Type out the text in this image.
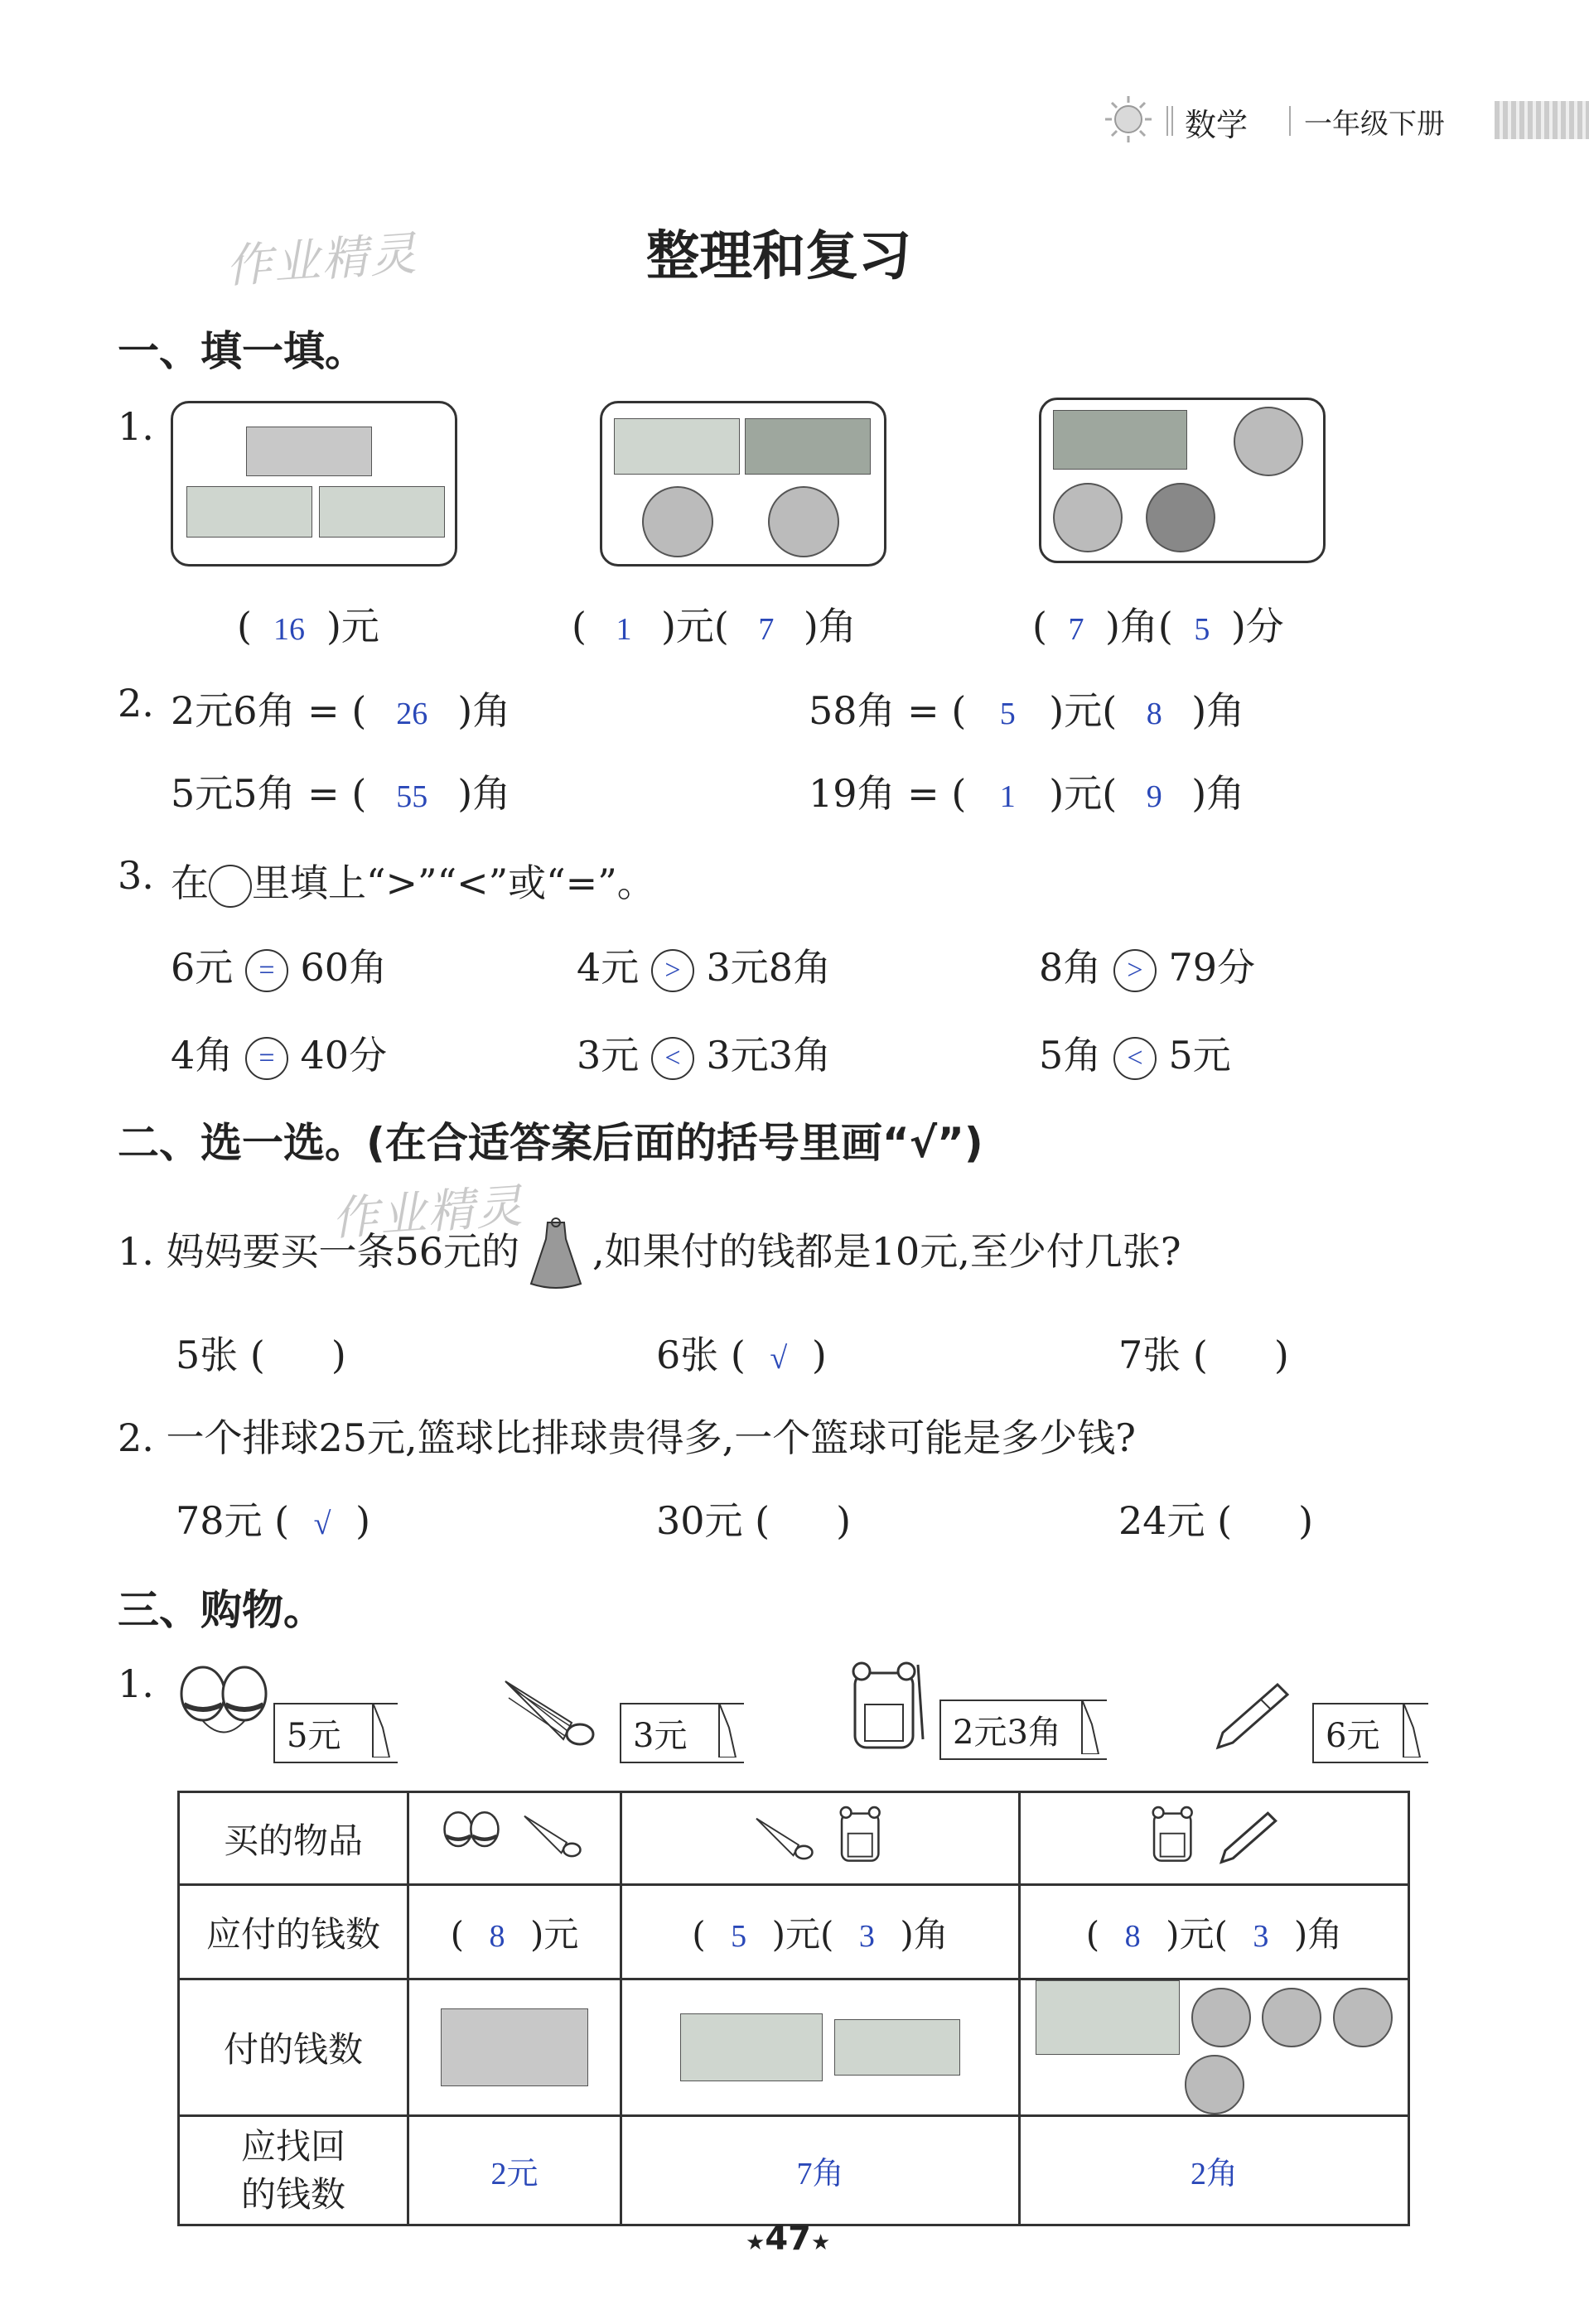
数学 一年级下册
作业精灵
作业精灵
整理和复习
一、填一填。
1.
( 16 )元	( 1 )元( 7 )角	( 7 )角( 5 )分
2. 2元6角 = ( 26 )角	58角 = ( 5 )元( 8 )角
5元5角 = ( 55 )角	19角 = ( 1 )元( 9 )角
3. 在 里填上“>”“<”或“=”。
6元 = 60角	4元 > 3元8角	8角 > 79分
4角 = 40分	3元 < 3元3角	5角 < 5元
二、选一选。(在合适答案后面的括号里画“√”)
1. 妈妈要买一条56元的 ,如果付的钱都是10元,至少付几张?
5张 ( )	6张 ( √ )	7张 ( )
2. 一个排球25元,篮球比排球贵得多,一个篮球可能是多少钱?
78元 ( √ )	30元 ( )	24元 ( )
三、购物。
1.
5元	3元	2元3角	6元
买的物品			
应付的钱数	( 8 )元	( 5 )元( 3 )角	( 8 )元( 3 )角
付的钱数			
应找回
的钱数	2元	7角	2角
★47★
